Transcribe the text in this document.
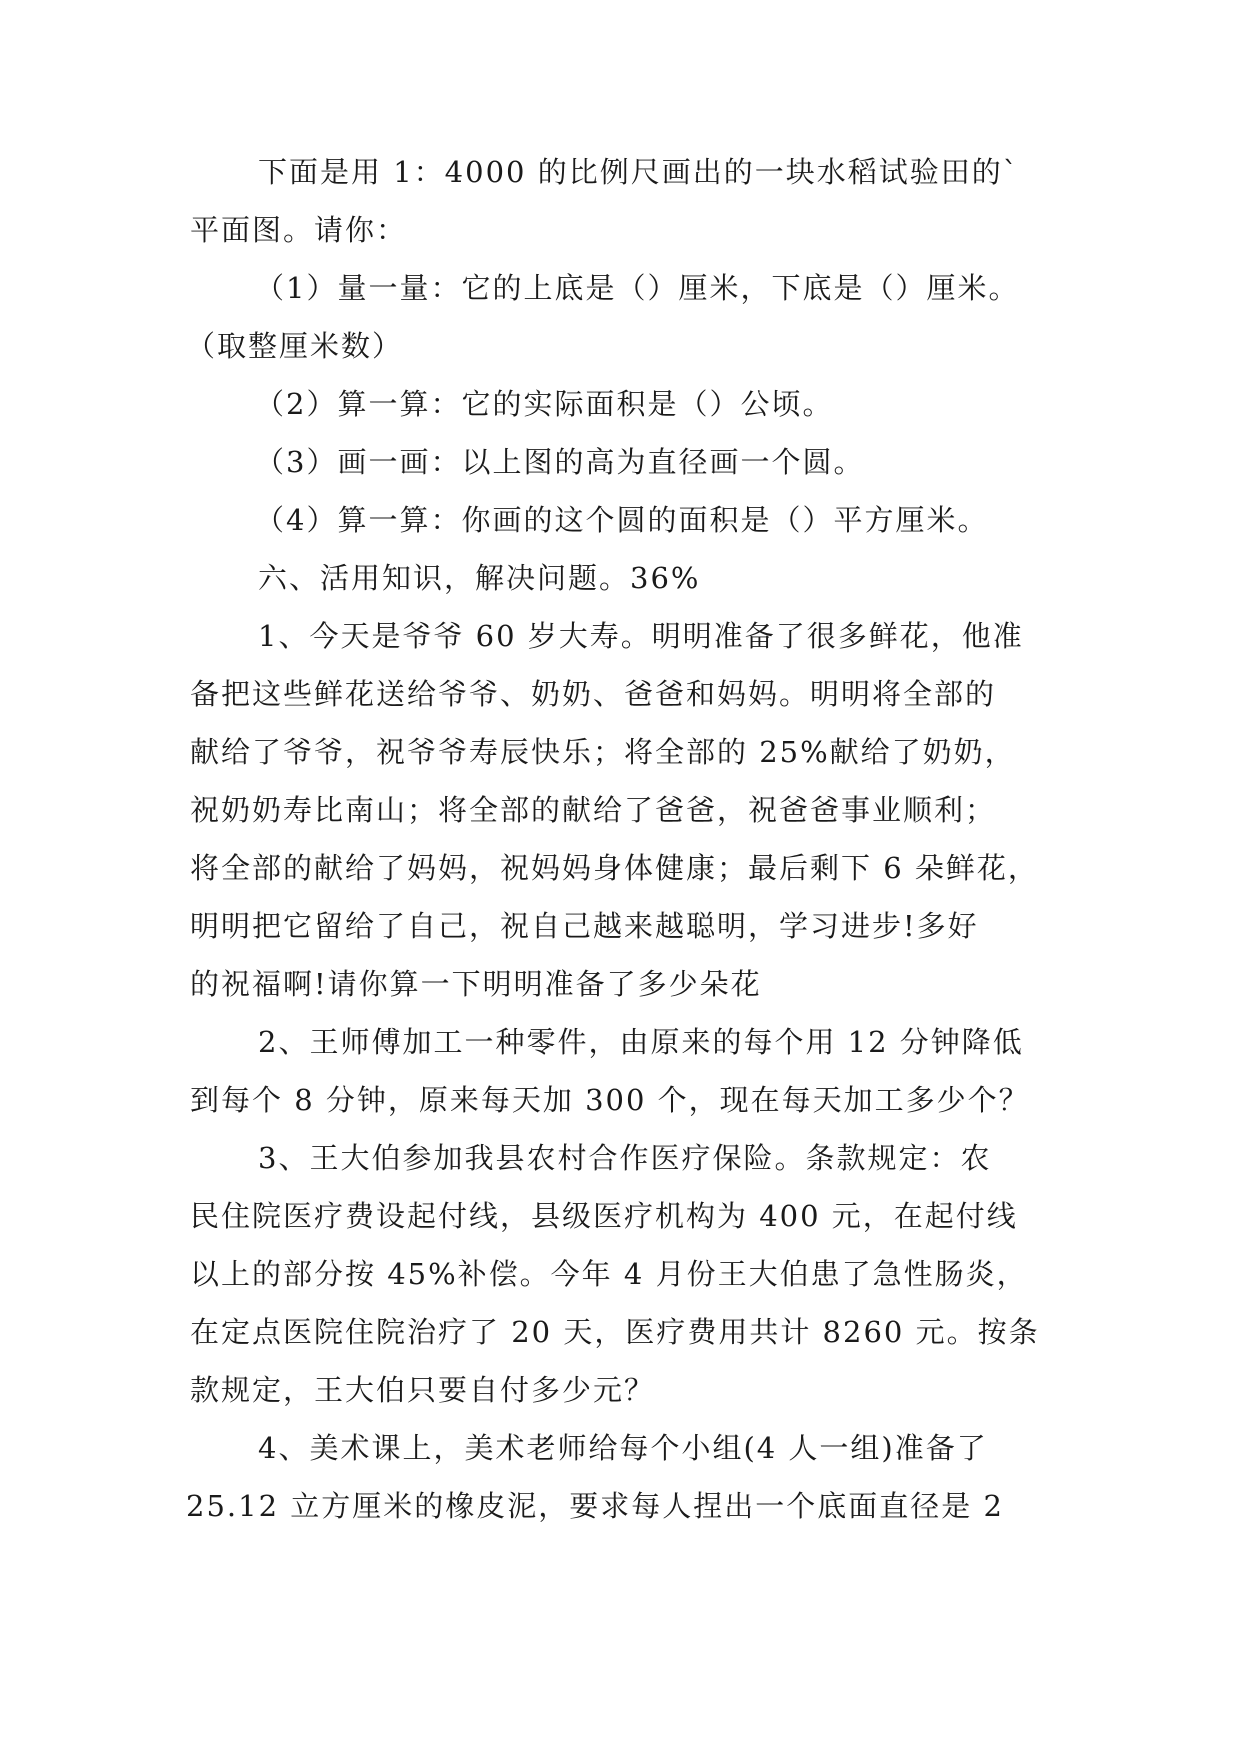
下面是用 1：4000 的比例尺画出的一块水稻试验田的`
平面图。请你：
（1）量一量：它的上底是（）厘米，下底是（）厘米。
（取整厘米数）
（2）算一算：它的实际面积是（）公顷。
（3）画一画：以上图的高为直径画一个圆。
（4）算一算：你画的这个圆的面积是（）平方厘米。
六、活用知识，解决问题。36%
1、今天是爷爷 60 岁大寿。明明准备了很多鲜花，他准
备把这些鲜花送给爷爷、奶奶、爸爸和妈妈。明明将全部的
献给了爷爷，祝爷爷寿辰快乐；将全部的 25%献给了奶奶，
祝奶奶寿比南山；将全部的献给了爸爸，祝爸爸事业顺利；
将全部的献给了妈妈，祝妈妈身体健康；最后剩下 6 朵鲜花，
明明把它留给了自己，祝自己越来越聪明，学习进步!多好
的祝福啊!请你算一下明明准备了多少朵花
2、王师傅加工一种零件，由原来的每个用 12 分钟降低
到每个 8 分钟，原来每天加 300 个，现在每天加工多少个？
3、王大伯参加我县农村合作医疗保险。条款规定：农
民住院医疗费设起付线，县级医疗机构为 400 元，在起付线
以上的部分按 45%补偿。今年 4 月份王大伯患了急性肠炎，
在定点医院住院治疗了 20 天，医疗费用共计 8260 元。按条
款规定，王大伯只要自付多少元？
4、美术课上，美术老师给每个小组(4 人一组)准备了
25.12 立方厘米的橡皮泥，要求每人捏出一个底面直径是 2
